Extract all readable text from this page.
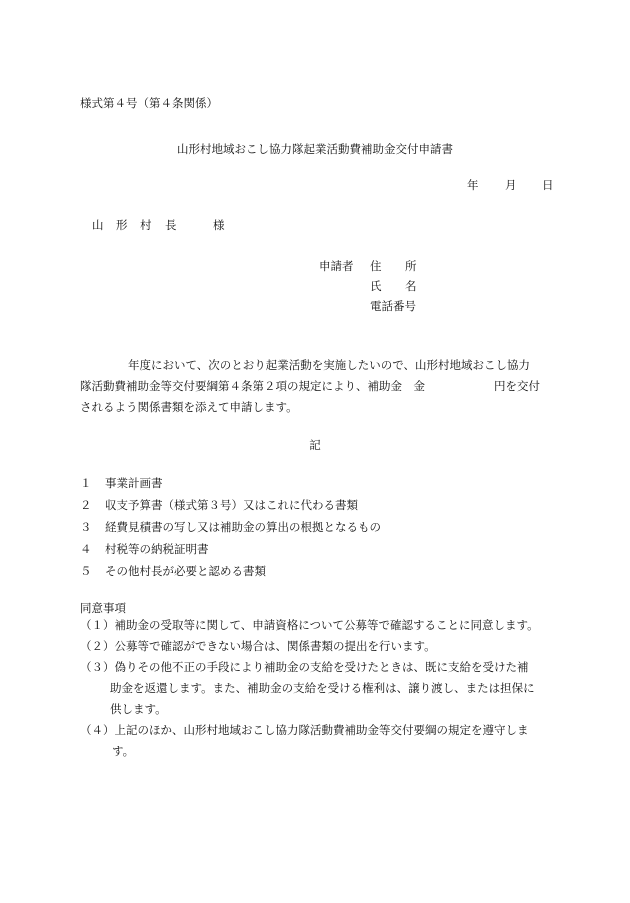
様式第４号（第４条関係）
山形村地域おこし協力隊起業活動費補助金交付申請書
年 月 日
山 形 村 長	様
申請者 住 所
氏 名
電話番号
年度において、次のとおり起業活動を実施したいので、山形村地域おこし協力
隊活動費補助金等交付要綱第４条第２項の規定により、補助金　金　　　　　　円を交付
されるよう関係書類を添えて申請します。
記
１ 事業計画書
２ 収支予算書（様式第３号）又はこれに代わる書類
３ 経費見積書の写し又は補助金の算出の根拠となるもの
４ 村税等の納税証明書
５ その他村長が必要と認める書類
同意事項
（１）補助金の受取等に関して、申請資格について公募等で確認することに同意します。
（２）公募等で確認ができない場合は、関係書類の提出を行います。
（３）偽りその他不正の手段により補助金の支給を受けたときは、既に支給を受けた補
助金を返還します。また、補助金の支給を受ける権利は、譲り渡し、または担保に
供します。
（４）上記のほか、山形村地域おこし協力隊活動費補助金等交付要綱の規定を遵守しま
す。
